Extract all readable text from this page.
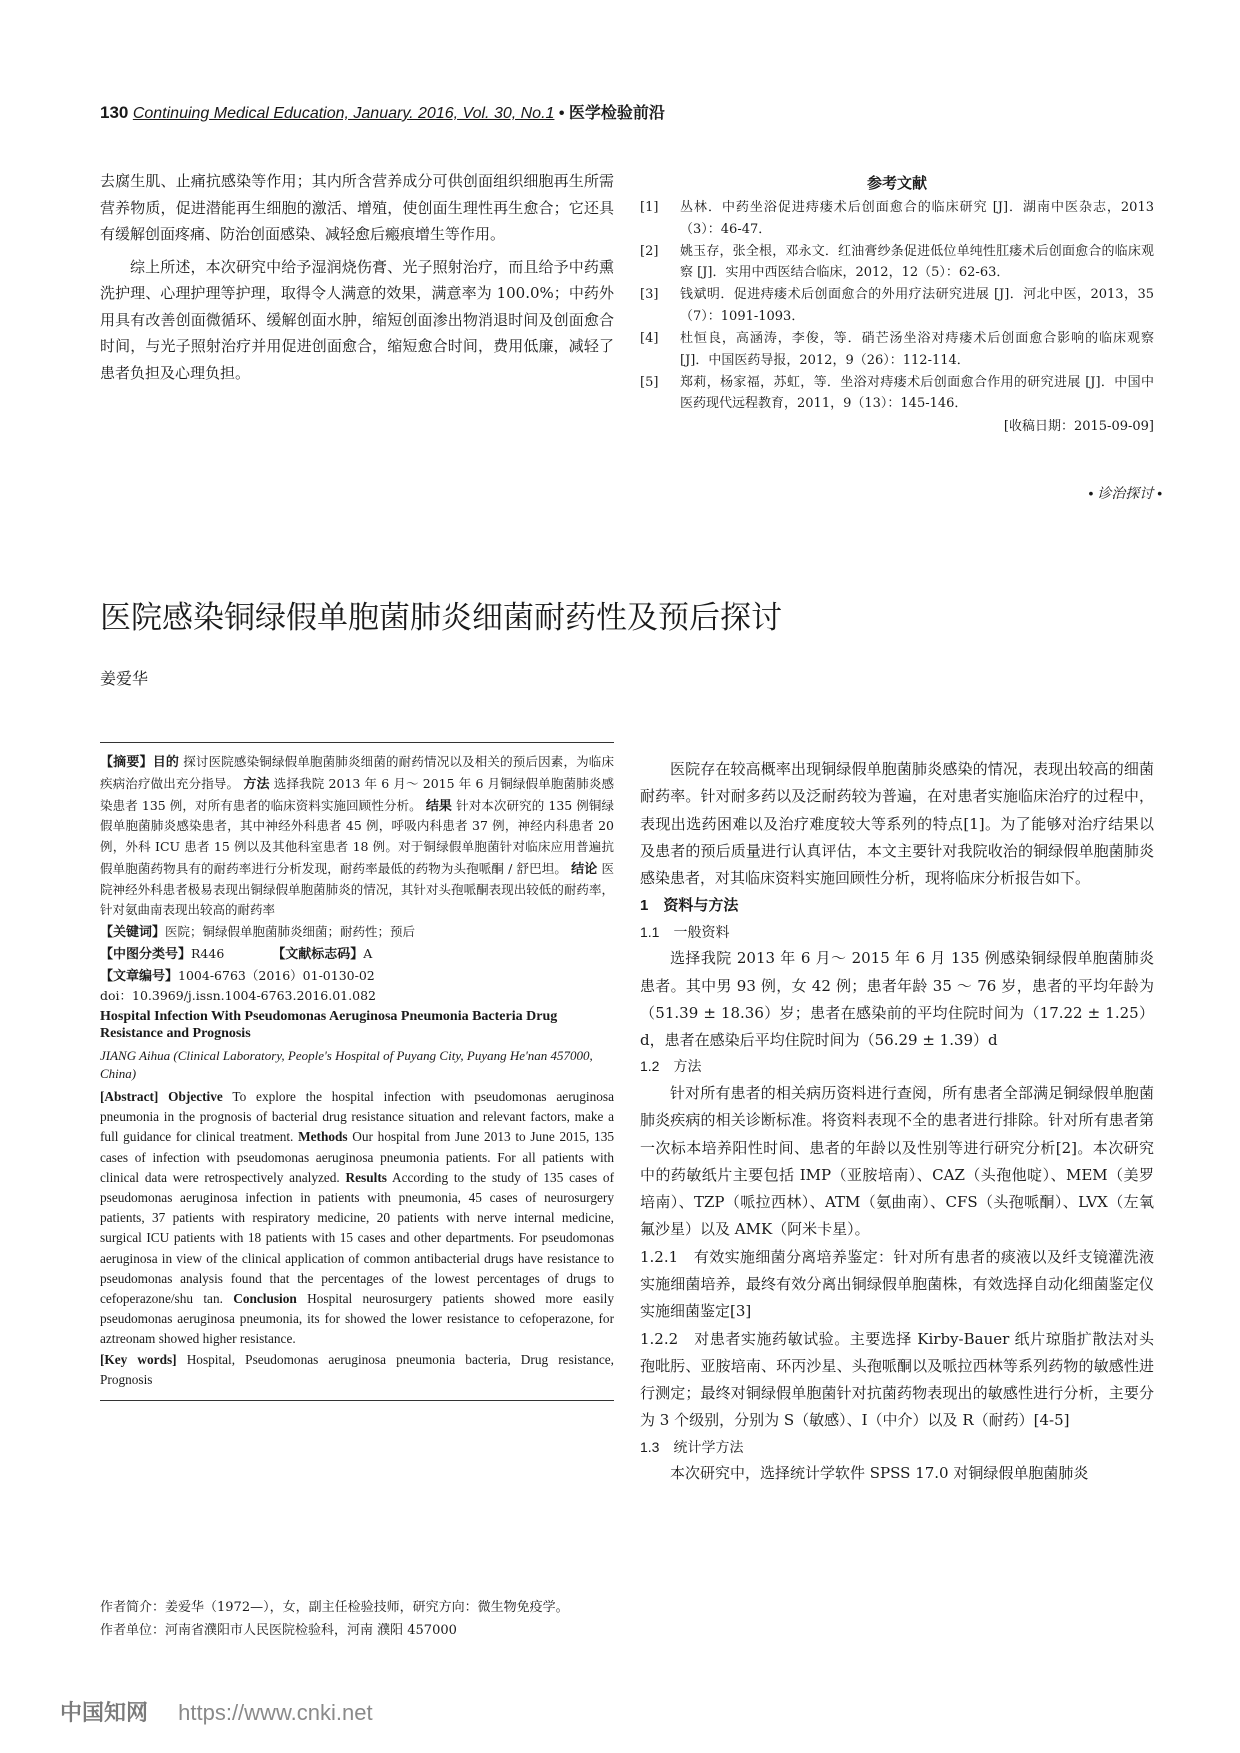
130 Continuing Medical Education, January. 2016, Vol. 30, No.1 • 医学检验前沿

去腐生肌、止痛抗感染等作用；其内所含营养成分可供创面组织细胞再生所需营养物质，促进潜能再生细胞的激活、增殖，使创面生理性再生愈合；它还具有缓解创面疼痛、防治创面感染、减轻愈后瘢痕增生等作用。

综上所述，本次研究中给予湿润烧伤膏、光子照射治疗，而且给予中药熏洗护理、心理护理等护理，取得令人满意的效果，满意率为 100.0%；中药外用具有改善创面微循环、缓解创面水肿，缩短创面渗出物消退时间及创面愈合时间，与光子照射治疗并用促进创面愈合，缩短愈合时间，费用低廉，减轻了患者负担及心理负担。

参考文献
[1]	丛林．中药坐浴促进痔瘘术后创面愈合的临床研究 [J]．湖南中医杂志，2013（3）：46-47．
[2]	姚玉存，张全根，邓永文．红油膏纱条促进低位单纯性肛瘘术后创面愈合的临床观察 [J]．实用中西医结合临床，2012，12（5）：62-63．
[3]	钱斌明．促进痔瘘术后创面愈合的外用疗法研究进展 [J]．河北中医，2013，35（7）：1091-1093．
[4]	杜恒良，高涵涛，李俊，等．硝芒汤坐浴对痔瘘术后创面愈合影响的临床观察 [J]．中国医药导报，2012，9（26）：112-114．
[5]	郑莉，杨家福，苏虹，等．坐浴对痔瘘术后创面愈合作用的研究进展 [J]．中国中医药现代远程教育，2011，9（13）：145-146．
[收稿日期：2015-09-09]
• 诊治探讨 •
医院感染铜绿假单胞菌肺炎细菌耐药性及预后探讨
姜爱华

【摘要】目的 探讨医院感染铜绿假单胞菌肺炎细菌的耐药情况以及相关的预后因素，为临床疾病治疗做出充分指导。 方法 选择我院 2013 年 6 月～ 2015 年 6 月铜绿假单胞菌肺炎感染患者 135 例，对所有患者的临床资料实施回顾性分析。 结果 针对本次研究的 135 例铜绿假单胞菌肺炎感染患者，其中神经外科患者 45 例，呼吸内科患者 37 例，神经内科患者 20 例，外科 ICU 患者 15 例以及其他科室患者 18 例。对于铜绿假单胞菌针对临床应用普遍抗假单胞菌药物具有的耐药率进行分析发现，耐药率最低的药物为头孢哌酮 / 舒巴坦。 结论 医院神经外科患者极易表现出铜绿假单胞菌肺炎的情况，其针对头孢哌酮表现出较低的耐药率，针对氨曲南表现出较高的耐药率

【关键词】医院；铜绿假单胞菌肺炎细菌；耐药性；预后

【中图分类号】R446	【文献标志码】A

【文章编号】1004-6763（2016）01-0130-02

doi：10.3969/j.issn.1004-6763.2016.01.082

Hospital Infection With Pseudomonas Aeruginosa Pneumonia Bacteria Drug Resistance and Prognosis
JIANG Aihua (Clinical Laboratory, People's Hospital of Puyang City, Puyang He'nan 457000, China)
[Abstract] Objective To explore the hospital infection with pseudomonas aeruginosa pneumonia in the prognosis of bacterial drug resistance situation and relevant factors, make a full guidance for clinical treatment. Methods Our hospital from June 2013 to June 2015, 135 cases of infection with pseudomonas aeruginosa pneumonia patients. For all patients with clinical data were retrospectively analyzed. Results According to the study of 135 cases of pseudomonas aeruginosa infection in patients with pneumonia, 45 cases of neurosurgery patients, 37 patients with respiratory medicine, 20 patients with nerve internal medicine, surgical ICU patients with 18 patients with 15 cases and other departments. For pseudomonas aeruginosa in view of the clinical application of common antibacterial drugs have resistance to pseudomonas analysis found that the percentages of the lowest percentages of drugs to cefoperazone/shu tan. Conclusion Hospital neurosurgery patients showed more easily pseudomonas aeruginosa pneumonia, its for showed the lower resistance to cefoperazone, for aztreonam showed higher resistance.
[Key words] Hospital, Pseudomonas aeruginosa pneumonia bacteria, Drug resistance, Prognosis
作者简介：姜爱华（1972—），女，副主任检验技师，研究方向：微生物免疫学。
作者单位：河南省濮阳市人民医院检验科，河南 濮阳 457000

医院存在较高概率出现铜绿假单胞菌肺炎感染的情况，表现出较高的细菌耐药率。针对耐多药以及泛耐药较为普遍，在对患者实施临床治疗的过程中，表现出选药困难以及治疗难度较大等系列的特点[1]。为了能够对治疗结果以及患者的预后质量进行认真评估，本文主要针对我院收治的铜绿假单胞菌肺炎感染患者，对其临床资料实施回顾性分析，现将临床分析报告如下。

1　资料与方法

1.1　一般资料

选择我院 2013 年 6 月～ 2015 年 6 月 135 例感染铜绿假单胞菌肺炎患者。其中男 93 例，女 42 例；患者年龄 35 ～ 76 岁，患者的平均年龄为（51.39 ± 18.36）岁；患者在感染前的平均住院时间为（17.22 ± 1.25）d，患者在感染后平均住院时间为（56.29 ± 1.39）d

1.2　方法

针对所有患者的相关病历资料进行查阅，所有患者全部满足铜绿假单胞菌肺炎疾病的相关诊断标准。将资料表现不全的患者进行排除。针对所有患者第一次标本培养阳性时间、患者的年龄以及性别等进行研究分析[2]。本次研究中的药敏纸片主要包括 IMP（亚胺培南）、CAZ（头孢他啶）、MEM（美罗培南）、TZP（哌拉西林）、ATM（氨曲南）、CFS（头孢哌酮）、LVX（左氧氟沙星）以及 AMK（阿米卡星）。

1.2.1　有效实施细菌分离培养鉴定：针对所有患者的痰液以及纤支镜灌洗液实施细菌培养，最终有效分离出铜绿假单胞菌株，有效选择自动化细菌鉴定仪实施细菌鉴定[3]

1.2.2　对患者实施药敏试验。主要选择 Kirby-Bauer 纸片琼脂扩散法对头孢吡肟、亚胺培南、环丙沙星、头孢哌酮以及哌拉西林等系列药物的敏感性进行测定；最终对铜绿假单胞菌针对抗菌药物表现出的敏感性进行分析，主要分为 3 个级别，分别为 S（敏感）、I（中介）以及 R（耐药）[4-5]

1.3　统计学方法

本次研究中，选择统计学软件 SPSS 17.0 对铜绿假单胞菌肺炎

中国知网 https://www.cnki.net
